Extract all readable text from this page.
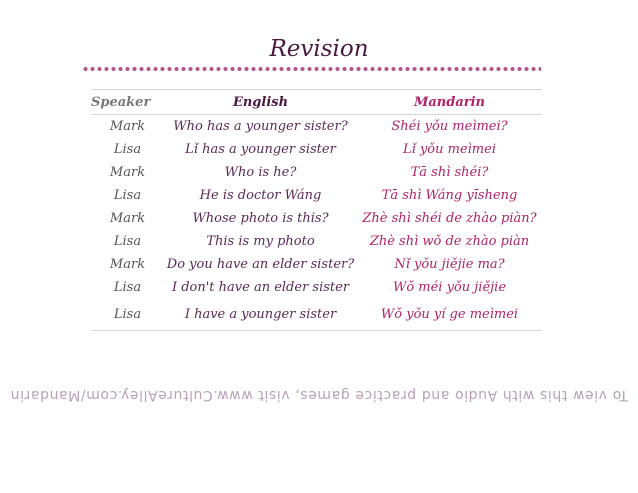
Revision
Speaker	English	Mandarin
Mark	Who has a younger sister?	Shéi yǒu meìmei?
Lisa	Lǐ has a younger sister	Lǐ yǒu meìmei
Mark	Who is he?	Tā shì shéi?
Lisa	He is doctor Wáng	Tā shì Wáng yīsheng
Mark	Whose photo is this?	Zhè shì shéi de zhào piàn?
Lisa	This is my photo	Zhè shì wǒ de zhào piàn
Mark	Do you have an elder sister?	Nǐ yǒu jiějie ma?
Lisa	I don't have an elder sister	Wǒ méi yǒu jiějie
Lisa	I have a younger sister	Wǒ yǒu yí ge meìmei
To view this with Audio and practice games, visit www.CultureAlley.com/Mandarin
